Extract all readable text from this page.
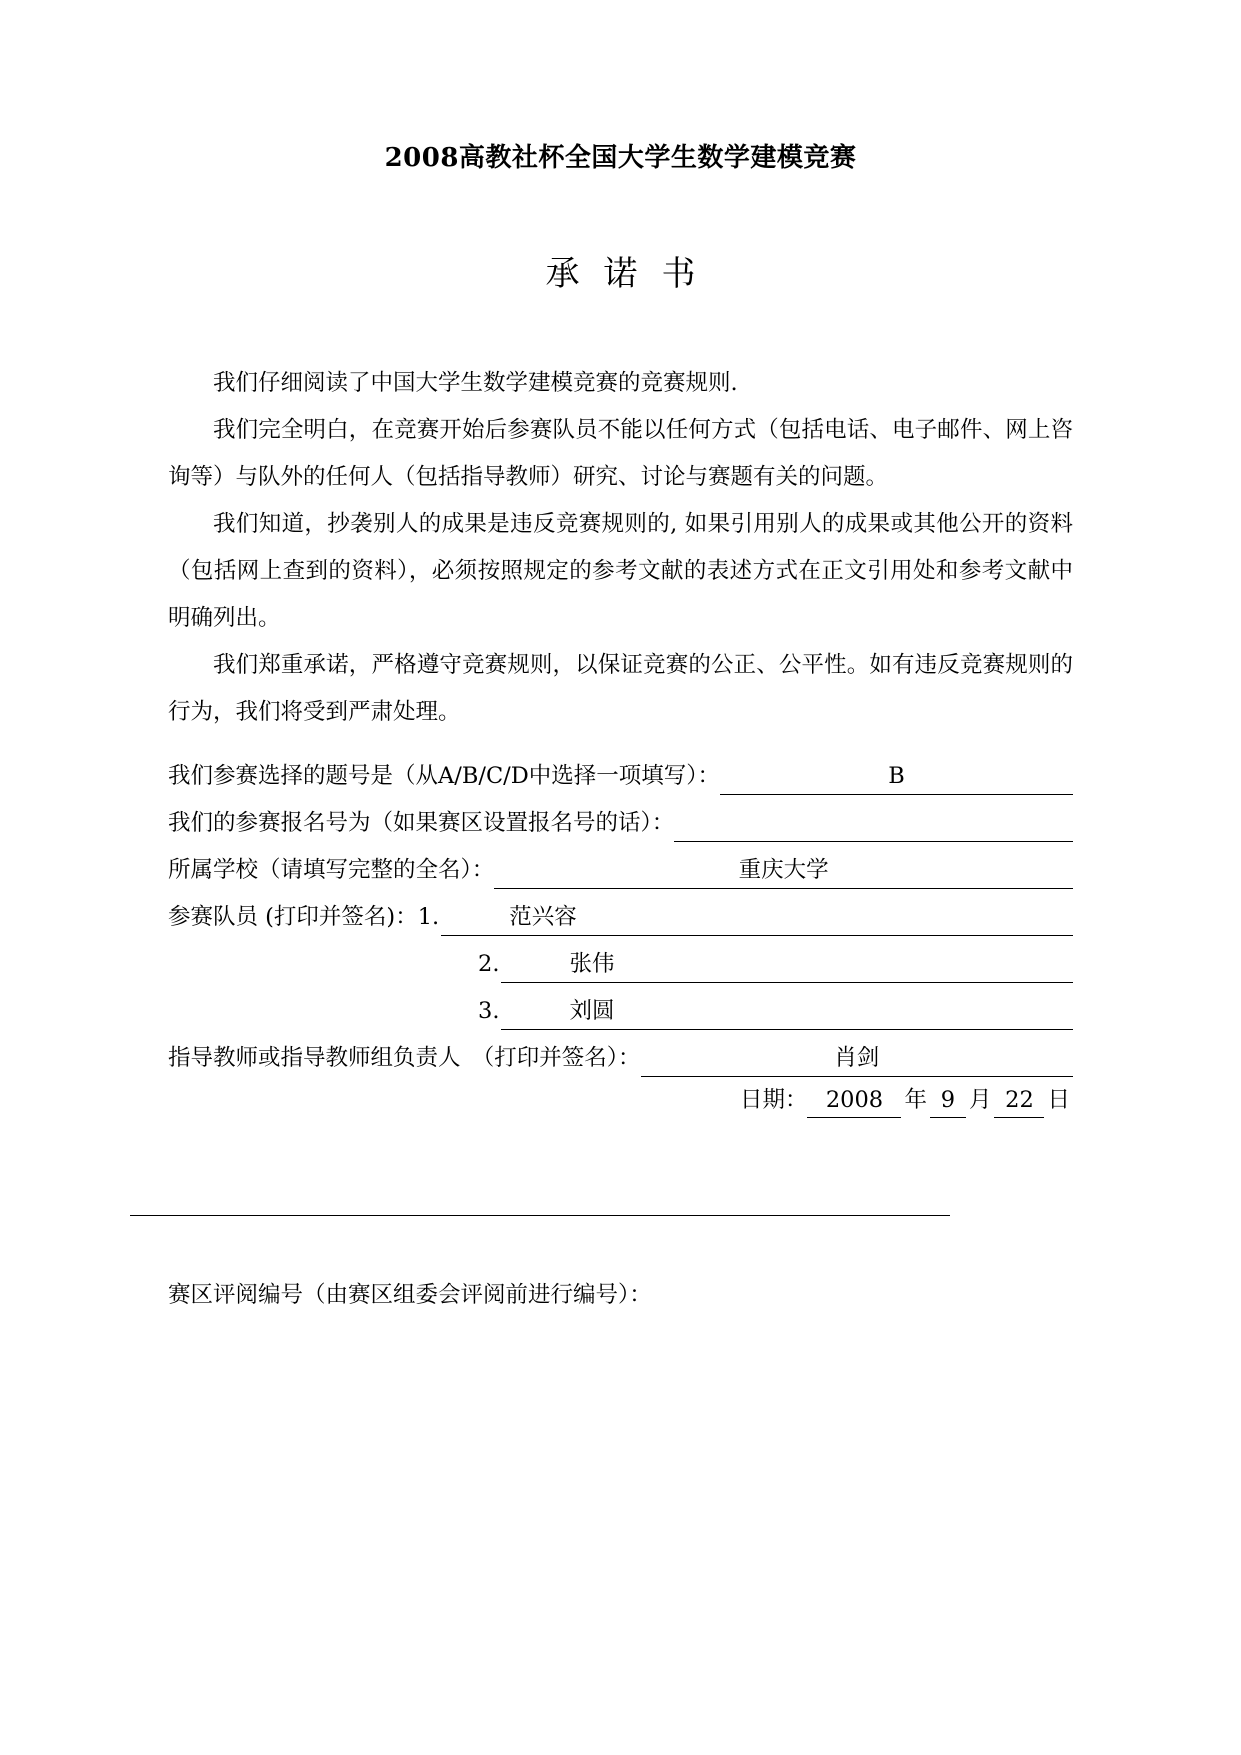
2008高教社杯全国大学生数学建模竞赛
承诺书

我们仔细阅读了中国大学生数学建模竞赛的竞赛规则.

我们完全明白，在竞赛开始后参赛队员不能以任何方式（包括电话、电子邮件、网上咨询等）与队外的任何人（包括指导教师）研究、讨论与赛题有关的问题。

我们知道，抄袭别人的成果是违反竞赛规则的, 如果引用别人的成果或其他公开的资料（包括网上查到的资料），必须按照规定的参考文献的表述方式在正文引用处和参考文献中明确列出。

我们郑重承诺，严格遵守竞赛规则，以保证竞赛的公正、公平性。如有违反竞赛规则的行为，我们将受到严肃处理。

我们参赛选择的题号是（从A/B/C/D中选择一项填写）：	B
我们的参赛报名号为（如果赛区设置报名号的话）：
所属学校（请填写完整的全名）：	重庆大学
参赛队员 (打印并签名)： 1.	范兴容
2.	张伟
3.	刘圆
指导教师或指导教师组负责人　（打印并签名）：	肖剑
日期： 2008 年 9 月 22 日
赛区评阅编号（由赛区组委会评阅前进行编号）：
